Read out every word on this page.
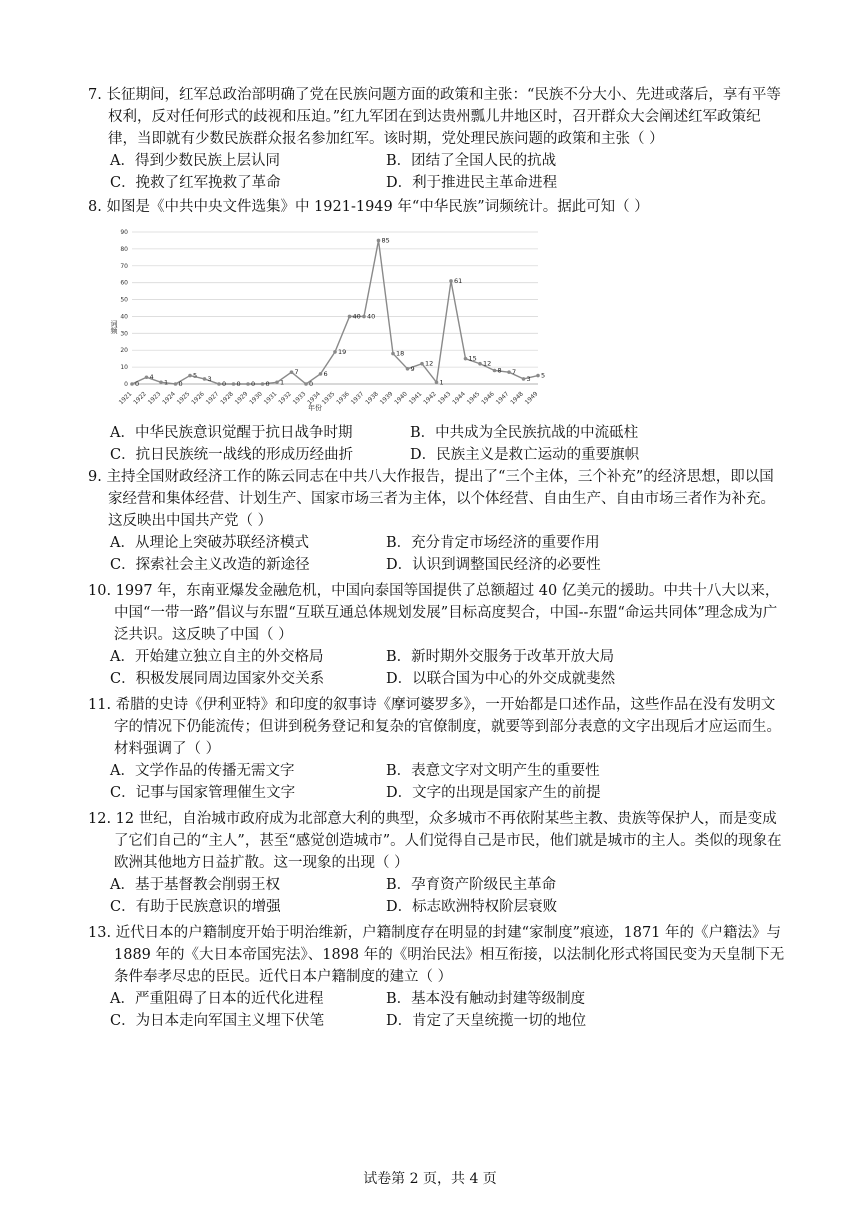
7. 长征期间，红军总政治部明确了党在民族问题方面的政策和主张：“民族不分大小、先进或落后，享有平等权利，反对任何形式的歧视和压迫。”红九军团在到达贵州瓢儿井地区时，召开群众大会阐述红军政策纪律，当即就有少数民族群众报名参加红军。该时期，党处理民族问题的政策和主张（ ）

A．得到少数民族上层认同	B．团结了全国人民的抗战
C．挽救了红军挽救了革命	D．利于推进民主革命进程

8. 如图是《中共中央文件选集》中 1921-1949 年“中华民族”词频统计。据此可知（ ）

0
10
20
30
40
50
60
70
80
90
1921
1922
1923
1924
1925
1926
1927
1928
1929
1930
1931
1932
1933
1934
1935
1936
1937
1938
1939
1940
1941
1942
1943
1944
1945
1946
1947
1948
1949
0
4
1 0
5 3
0 0 0 0 1
7
0
6
19
40 40
85
18
9
12
1
61
15
12
8 7
3 5
词频
年份
A．中华民族意识觉醒于抗日战争时期	B．中共成为全民族抗战的中流砥柱
C．抗日民族统一战线的形成历经曲折	D．民族主义是救亡运动的重要旗帜

9. 主持全国财政经济工作的陈云同志在中共八大作报告，提出了“三个主体，三个补充”的经济思想，即以国家经营和集体经营、计划生产、国家市场三者为主体，以个体经营、自由生产、自由市场三者作为补充。这反映出中国共产党（ ）

A．从理论上突破苏联经济模式	B．充分肯定市场经济的重要作用
C．探索社会主义改造的新途径	D．认识到调整国民经济的必要性

10. 1997 年，东南亚爆发金融危机，中国向泰国等国提供了总额超过 40 亿美元的援助。中共十八大以来，中国“一带一路”倡议与东盟“互联互通总体规划发展”目标高度契合，中国--东盟“命运共同体”理念成为广泛共识。这反映了中国（ ）

A．开始建立独立自主的外交格局	B．新时期外交服务于改革开放大局
C．积极发展同周边国家外交关系	D．以联合国为中心的外交成就斐然

11. 希腊的史诗《伊利亚特》和印度的叙事诗《摩诃婆罗多》，一开始都是口述作品，这些作品在没有发明文字的情况下仍能流传；但讲到税务登记和复杂的官僚制度，就要等到部分表意的文字出现后才应运而生。材料强调了（ ）

A．文学作品的传播无需文字	B．表意文字对文明产生的重要性
C．记事与国家管理催生文字	D．文字的出现是国家产生的前提

12. 12 世纪，自治城市政府成为北部意大利的典型，众多城市不再依附某些主教、贵族等保护人，而是变成了它们自己的“主人”，甚至“感觉创造城市”。人们觉得自己是市民，他们就是城市的主人。类似的现象在欧洲其他地方日益扩散。这一现象的出现（ ）

A．基于基督教会削弱王权	B．孕育资产阶级民主革命
C．有助于民族意识的增强	D．标志欧洲特权阶层衰败

13. 近代日本的户籍制度开始于明治维新，户籍制度存在明显的封建“家制度”痕迹，1871 年的《户籍法》与 1889 年的《大日本帝国宪法》、1898 年的《明治民法》相互衔接，以法制化形式将国民变为天皇制下无条件奉孝尽忠的臣民。近代日本户籍制度的建立（ ）

A．严重阻碍了日本的近代化进程	B．基本没有触动封建等级制度
C．为日本走向军国主义埋下伏笔	D．肯定了天皇统揽一切的地位
试卷第 2 页，共 4 页
